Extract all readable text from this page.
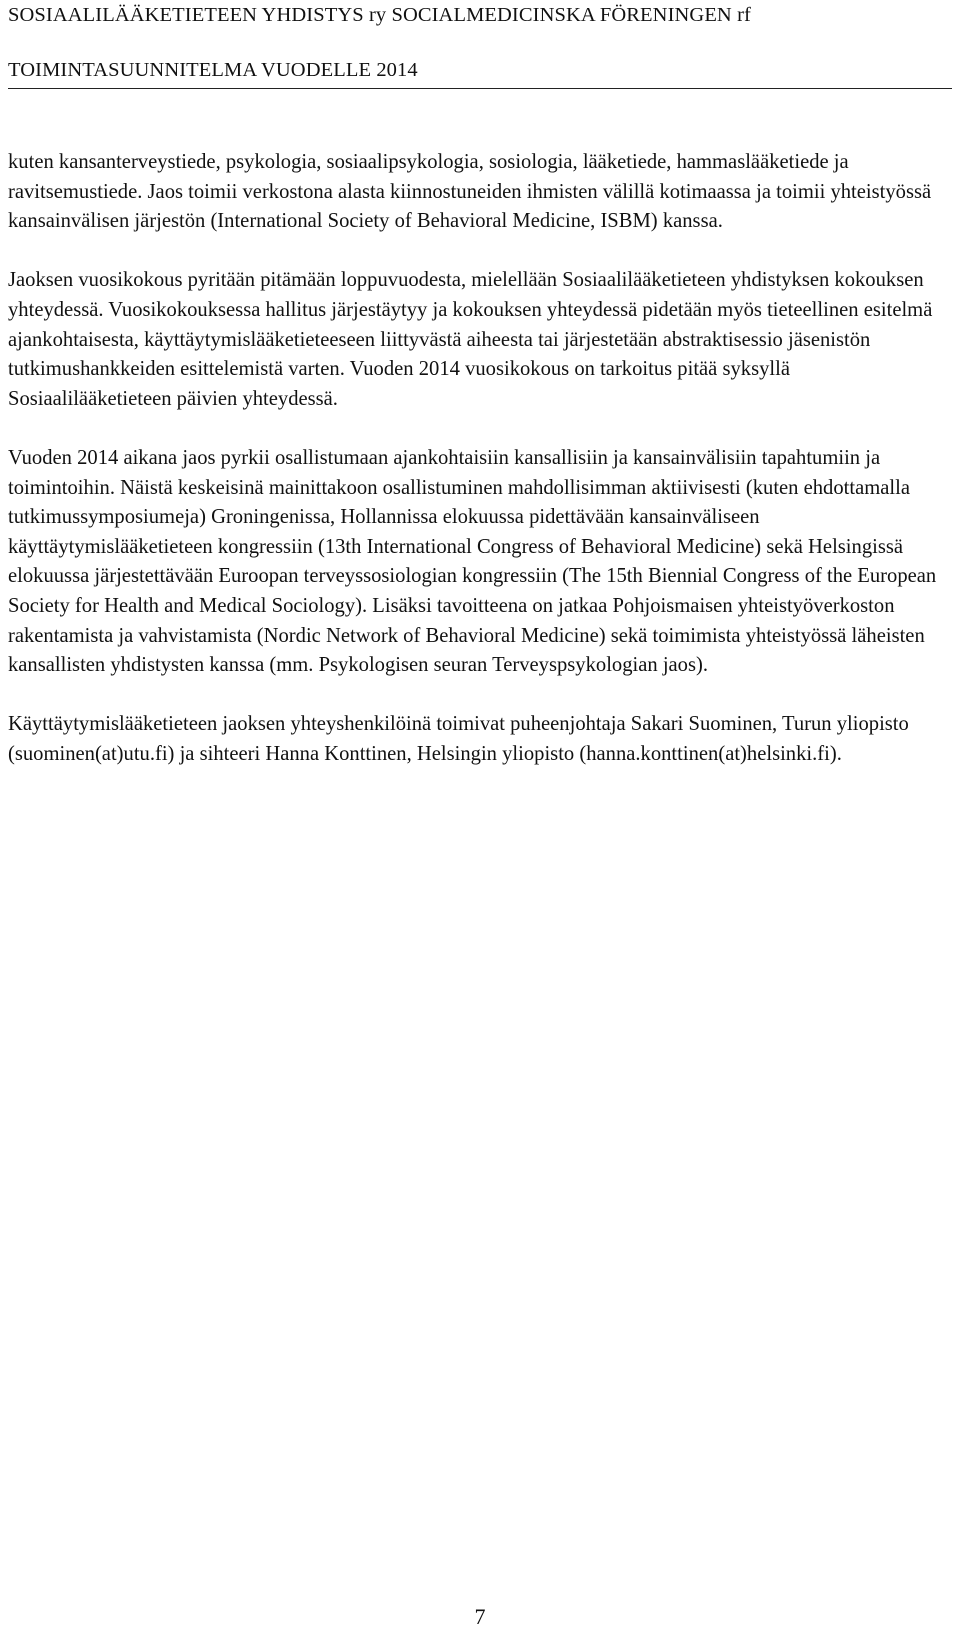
SOSIAALILÄÄKETIETEEN YHDISTYS ry SOCIALMEDICINSKA FÖRENINGEN rf
TOIMINTASUUNNITELMA VUODELLE 2014

kuten kansanterveystiede, psykologia, sosiaalipsykologia, sosiologia, lääketiede, hammaslääketiede ja ravitsemustiede. Jaos toimii verkostona alasta kiinnostuneiden ihmisten välillä kotimaassa ja toimii yhteistyössä kansainvälisen järjestön (International Society of Behavioral Medicine, ISBM) kanssa.

Jaoksen vuosikokous pyritään pitämään loppuvuodesta, mielellään Sosiaalilääketieteen yhdistyksen kokouksen yhteydessä. Vuosikokouksessa hallitus järjestäytyy ja kokouksen yhteydessä pidetään myös tieteellinen esitelmä ajankohtaisesta, käyttäytymislääketieteeseen liittyvästä aiheesta tai järjestetään abstraktisessio jäsenistön tutkimushankkeiden esittelemistä varten. Vuoden 2014 vuosikokous on tarkoitus pitää syksyllä Sosiaalilääketieteen päivien yhteydessä.

Vuoden 2014 aikana jaos pyrkii osallistumaan ajankohtaisiin kansallisiin ja kansainvälisiin tapahtumiin ja toimintoihin. Näistä keskeisinä mainittakoon osallistuminen mahdollisimman aktiivisesti (kuten ehdottamalla tutkimussymposiumeja) Groningenissa, Hollannissa elokuussa pidettävään kansainväliseen käyttäytymislääketieteen kongressiin (13th International Congress of Behavioral Medicine) sekä Helsingissä elokuussa järjestettävään Euroopan terveyssosiologian kongressiin (The 15th Biennial Congress of the European Society for Health and Medical Sociology). Lisäksi tavoitteena on jatkaa Pohjoismaisen yhteistyöverkoston rakentamista ja vahvistamista (Nordic Network of Behavioral Medicine) sekä toimimista yhteistyössä läheisten kansallisten yhdistysten kanssa (mm. Psykologisen seuran Terveyspsykologian jaos).

Käyttäytymislääketieteen jaoksen yhteyshenkilöinä toimivat puheenjohtaja Sakari Suominen, Turun yliopisto (suominen(at)utu.fi) ja sihteeri Hanna Konttinen, Helsingin yliopisto (hanna.konttinen(at)helsinki.fi).

7
